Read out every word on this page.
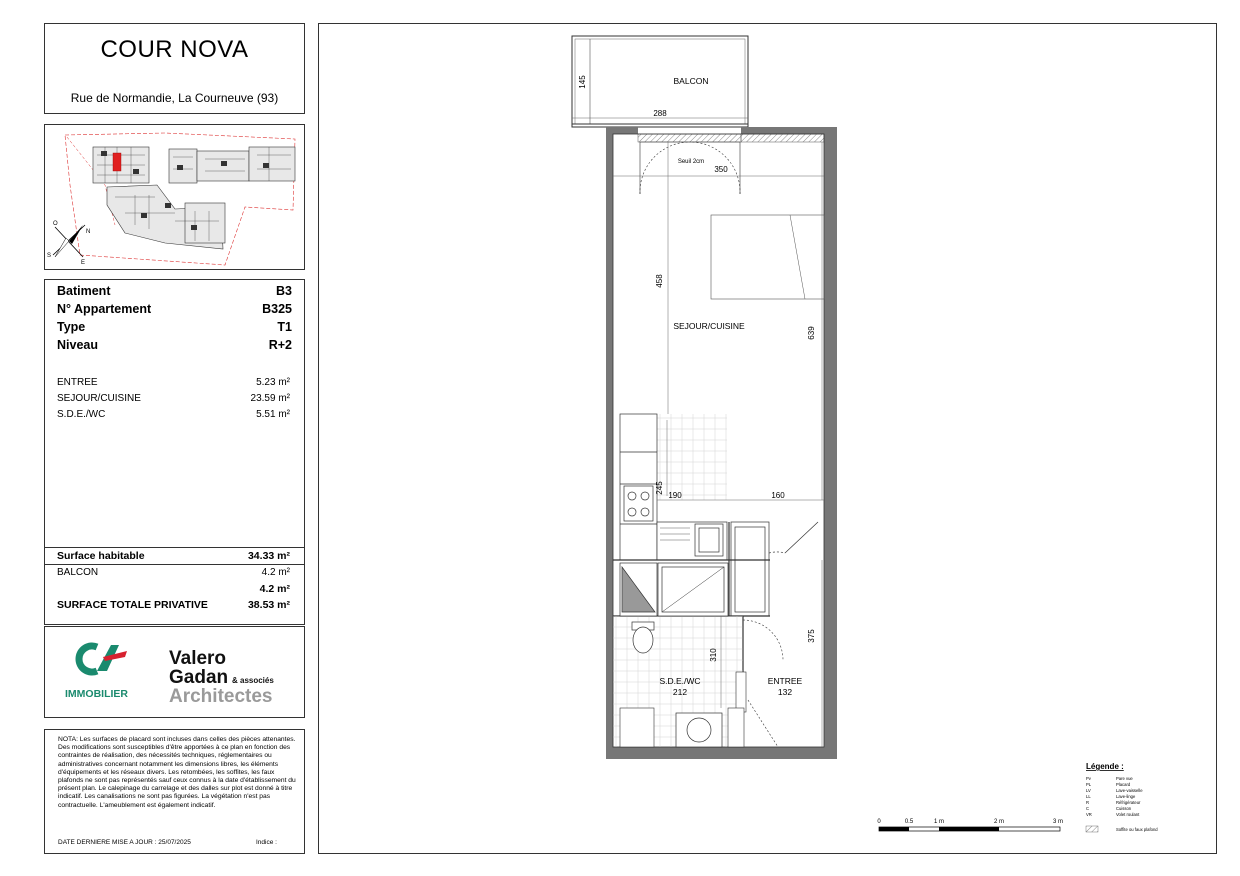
COUR NOVA
Rue de Normandie, La Courneuve (93)
N
S
E
O
Batiment	B3
N° Appartement	B325
Type	T1
Niveau	R+2
ENTREE	5.23 m²
SEJOUR/CUISINE	23.59 m²
S.D.E./WC	5.51 m²
Surface habitable	34.33 m²
BALCON	4.2 m²
4.2 m²
SURFACE TOTALE PRIVATIVE	38.53 m²
IMMOBILIER
Valero
Gadan & associés
Architectes
NOTA: Les surfaces de placard sont incluses dans celles des pièces attenantes. Des modifications sont susceptibles d'être apportées à ce plan en fonction des contraintes de réalisation, des nécessités techniques, réglementaires ou administratives concernant notamment les dimensions libres, les éléments d'équipements et les réseaux divers. Les retombées, les soffites, les faux plafonds ne sont pas représentés sauf ceux connus à la date d'établissement du présent plan. Le calepinage du carrelage et des dalles sur plot est donné à titre indicatif. Les canalisations ne sont pas figurées. La végétation n'est pas contractuelle. L'ameublement est également indicatif.
DATE DERNIERE MISE A JOUR : 25/07/2025	Indice :
BALCON
145
288
Seuil 2cm
350
458
639
SEJOUR/CUISINE
245
190	160
310
S.D.E./WC
212
375
ENTREE
132
0	0.5	1 m	2 m	3 m
Légende :
Pv	Pare vue
PL	Placard
LV	Lave-vaisselle
LL	Lave-linge
R	Réfrigérateur
C	Cuisson
VR	Volet roulant
Soffite ou faux plafond
